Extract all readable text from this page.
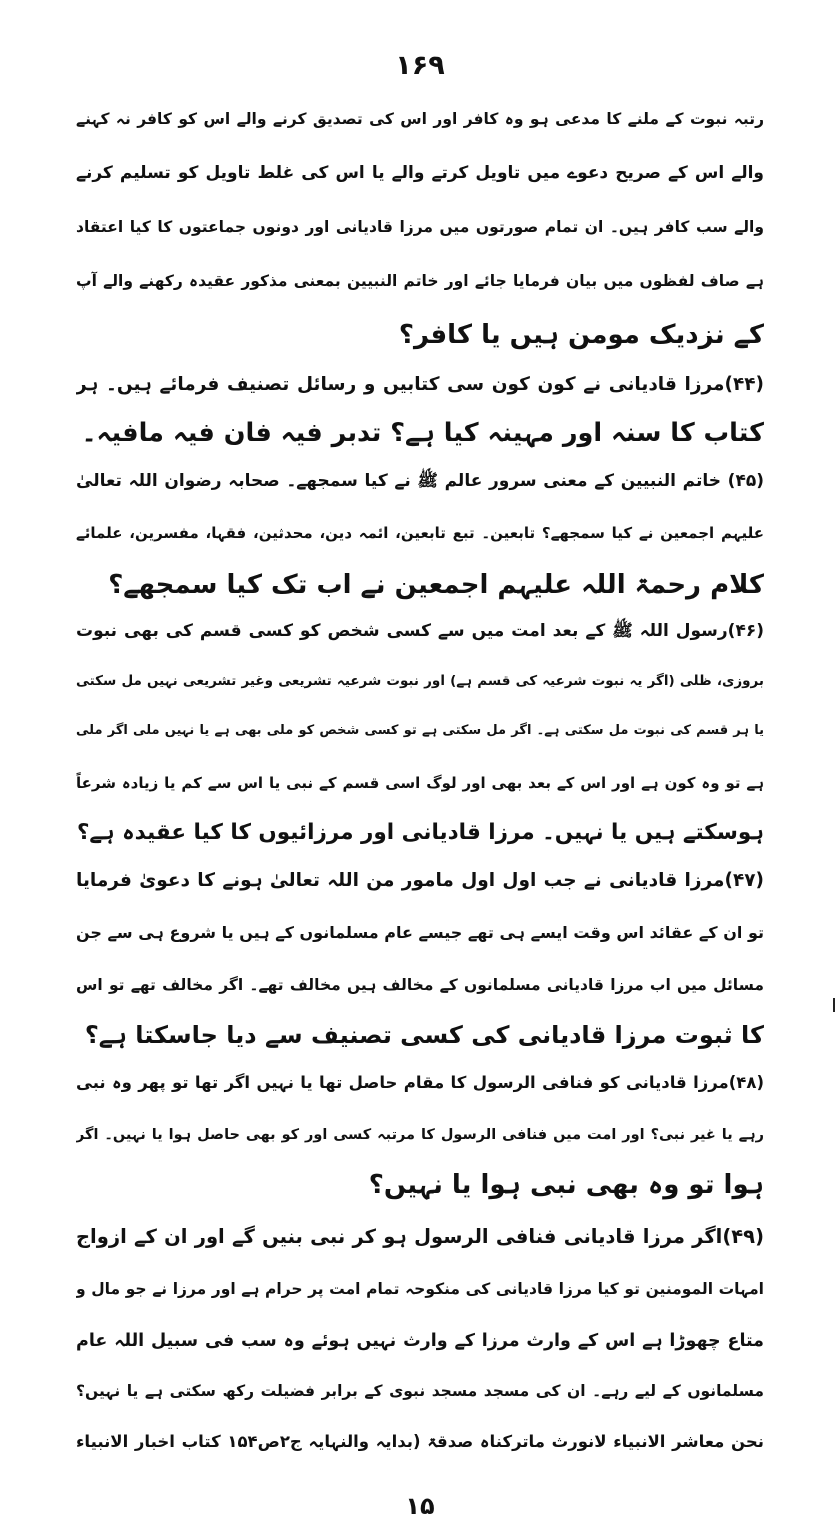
۱۶۹
رتبہ نبوت کے ملنے کا مدعی ہو وہ کافر اور اس کی تصدیق کرنے والے اس کو کافر نہ کہنے
والے اس کے صریح دعوے میں تاویل کرتے والے یا اس کی غلط تاویل کو تسلیم کرنے
والے سب کافر ہیں۔ ان تمام صورتوں میں مرزا قادیانی اور دونوں جماعتوں کا کیا اعتقاد
ہے صاف لفظوں میں بیان فرمایا جائے اور خاتم النبیین بمعنی مذکور عقیدہ رکھنے والے آپ
کے نزدیک مومن ہیں یا کافر؟
(۴۴)مرزا قادیانی نے کون کون سی کتابیں و رسائل تصنیف فرمائے ہیں۔ ہر
کتاب کا سنہ اور مہینہ کیا ہے؟ تدبر فیہ فان فیہ مافیہ۔
(۴۵) خاتم النبیین کے معنی سرور عالم ﷺ نے کیا سمجھے۔ صحابہ رضوان اللہ تعالیٰ
علیہم اجمعین نے کیا سمجھے؟ تابعین۔ تبع تابعین، ائمہ دین، محدثین، فقہا، مفسرین، علمائے
کلام رحمۃ اللہ علیہم اجمعین نے اب تک کیا سمجھے؟
(۴۶)رسول اللہ ﷺ کے بعد امت میں سے کسی شخص کو کسی قسم کی بھی نبوت
بروزی، ظلی (اگر یہ نبوت شرعیہ کی قسم ہے) اور نبوت شرعیہ تشریعی وغیر تشریعی نہیں مل سکتی
یا ہر قسم کی نبوت مل سکتی ہے۔ اگر مل سکتی ہے تو کسی شخص کو ملی بھی ہے یا نہیں ملی اگر ملی
ہے تو وہ کون ہے اور اس کے بعد بھی اور لوگ اسی قسم کے نبی یا اس سے کم یا زیادہ شرعاً
ہوسکتے ہیں یا نہیں۔ مرزا قادیانی اور مرزائیوں کا کیا عقیدہ ہے؟
(۴۷)مرزا قادیانی نے جب اول اول مامور من اللہ تعالیٰ ہونے کا دعویٰ فرمایا
تو ان کے عقائد اس وقت ایسے ہی تھے جیسے عام مسلمانوں کے ہیں یا شروع ہی سے جن
مسائل میں اب مرزا قادیانی مسلمانوں کے مخالف ہیں مخالف تھے۔ اگر مخالف تھے تو اس
کا ثبوت مرزا قادیانی کی کسی تصنیف سے دیا جاسکتا ہے؟
(۴۸)مرزا قادیانی کو فنافی الرسول کا مقام حاصل تھا یا نہیں اگر تھا تو پھر وہ نبی
رہے یا غیر نبی؟ اور امت میں فنافی الرسول کا مرتبہ کسی اور کو بھی حاصل ہوا یا نہیں۔ اگر
ہوا تو وہ بھی نبی ہوا یا نہیں؟
(۴۹)اگر مرزا قادیانی فنافی الرسول ہو کر نبی بنیں گے اور ان کے ازواج
امہات المومنین تو کیا مرزا قادیانی کی منکوحہ تمام امت پر حرام ہے اور مرزا نے جو مال و
متاع چھوڑا ہے اس کے وارث مرزا کے وارث نہیں ہوئے وہ سب فی سبیل اللہ عام
مسلمانوں کے لیے رہے۔ ان کی مسجد مسجد نبوی کے برابر فضیلت رکھ سکتی ہے یا نہیں؟
نحن معاشر الانبیاء لانورث ماترکناہ صدقۃ (بدایہ والنہایہ ج۲ص۱۵۴ کتاب اخبار الانبیاء
۱۵
